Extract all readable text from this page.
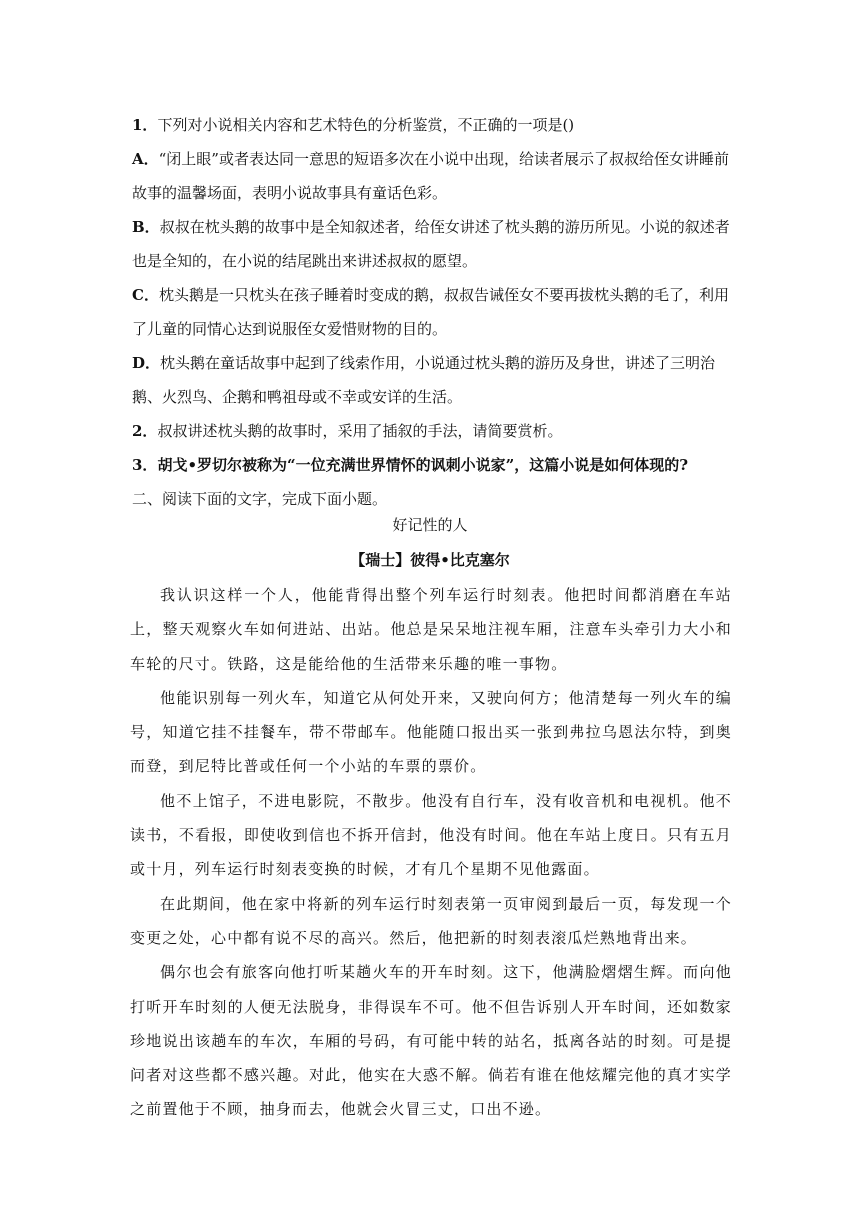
1．下列对小说相关内容和艺术特色的分析鉴赏，不正确的一项是()

A．“闭上眼”或者表达同一意思的短语多次在小说中出现，给读者展示了叔叔给侄女讲睡前故事的温馨场面，表明小说故事具有童话色彩。

B．叔叔在枕头鹅的故事中是全知叙述者，给侄女讲述了枕头鹅的游历所见。小说的叙述者也是全知的，在小说的结尾跳出来讲述叔叔的愿望。

C．枕头鹅是一只枕头在孩子睡着时变成的鹅，叔叔告诫侄女不要再拔枕头鹅的毛了，利用了儿童的同情心达到说服侄女爱惜财物的目的。

D．枕头鹅在童话故事中起到了线索作用，小说通过枕头鹅的游历及身世，讲述了三明治鹅、火烈鸟、企鹅和鸭祖母或不幸或安详的生活。

2．叔叔讲述枕头鹅的故事时，采用了插叙的手法，请简要赏析。

3．胡戈•罗切尔被称为“一位充满世界情怀的讽刺小说家”，这篇小说是如何体现的?

二、阅读下面的文字，完成下面小题。

好记性的人
【瑞士】彼得•比克塞尔

我认识这样一个人，他能背得出整个列车运行时刻表。他把时间都消磨在车站上，整天观察火车如何进站、出站。他总是呆呆地注视车厢，注意车头牵引力大小和车轮的尺寸。铁路，这是能给他的生活带来乐趣的唯一事物。

他能识别每一列火车，知道它从何处开来，又驶向何方；他清楚每一列火车的编号，知道它挂不挂餐车，带不带邮车。他能随口报出买一张到弗拉乌恩法尔特，到奥而登，到尼特比普或任何一个小站的车票的票价。

他不上馆子，不进电影院，不散步。他没有自行车，没有收音机和电视机。他不读书，不看报，即使收到信也不拆开信封，他没有时间。他在车站上度日。只有五月或十月，列车运行时刻表变换的时候，才有几个星期不见他露面。

在此期间，他在家中将新的列车运行时刻表第一页审阅到最后一页，每发现一个变更之处，心中都有说不尽的高兴。然后，他把新的时刻表滚瓜烂熟地背出来。

偶尔也会有旅客向他打听某趟火车的开车时刻。这下，他满脸熠熠生辉。而向他打听开车时刻的人便无法脱身，非得误车不可。他不但告诉别人开车时间，还如数家珍地说出该趟车的车次，车厢的号码，有可能中转的站名，抵离各站的时刻。可是提问者对这些都不感兴趣。对此，他实在大惑不解。倘若有谁在他炫耀完他的真才实学之前置他于不顾，抽身而去，他就会火冒三丈，口出不逊。
